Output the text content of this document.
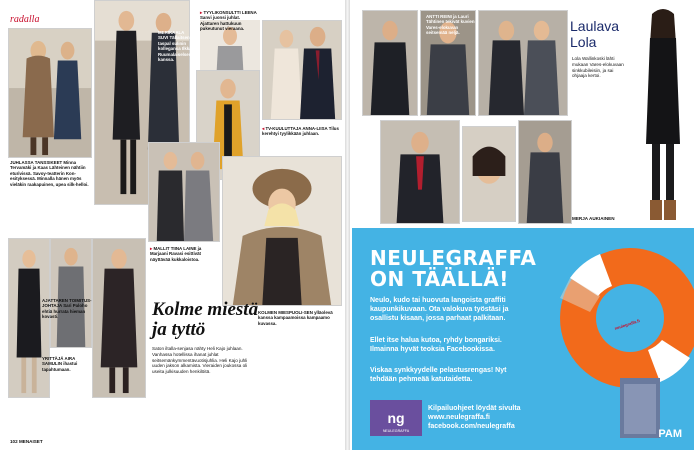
radalla
JUHLASSA TANSSIKEET Minna Tervamäki ja Kaas Lähteinen nähtiin eturivissä. Savoy-teatterin Kon-esityksessä. Minnalla hänen myös vieläkin raakapuinen, upea silk-helloi.
MERIKAALA SUVI Tällaitsen taspal sulinin kollegansa Ilkka Ruumalaiselsen kanssa.
▸ TYYLIKONSULTTI LEENA Sanvi juonsi juhlat. Ajattaren hattukuun pukeutunut vieraana.
◂ TV-KUULUTTAJA ANNA-LIISA Tilus kerehtyi tyylikkään juhlaan.
▸ MALLIT TIINA LAINE ja Marjaani Ravasi esittivät näyttävää kukkaloistoa.
KOLMEN MIESPUOLI-SEN ylläolevä kanssa kampaamoissa kampaamo kuvassa.
AJATTAREN TOIMITUS-JOHTAJA Sari Paloho ehtiä hurrata hieman kovasti.
YRITTÄJÄ AIRA SAMULIN ihastui tapahtumaan.
Kolme miestä
ja tyttö
Saton iltalla-senjasa nähty Heli Kajo juhlaan. Vanhassa hotellissa ihanat juhlat seitsemänkymmentävuotisjuhlia. Heli Kajo juhli uuden jakson alkamista. Vieraiden joukossa oli useita julkisuuden henkilöitä.
102 MENAISET
ANTTI REINI ja Lauri Tähtinen tekivät kuvien Vares-elokuvan seitsemää neljä.	Laulava
Lola
Lola Wallinkoski lähti mukaan Vares-elokuvaan sinkkubileisiin, ja sai ohjaaja kertoi.
MERJA AUKIAINEN
neulegraffa.fi
NEULEGRAFFA
ON TÄÄLLÄ!
Neulo, kudo tai huovuta langoista graffiti kaupunkikuvaan. Ota valokuva työstäsi ja osallistu kisaan, jossa parhaat palkitaan.
Ellet itse halua kutoa, ryhdy bongariksi. Ilmainna hyvät teoksia Facebookissa.
Viskaa synkkyydelle pelastusrengas! Nyt tehdään pehmeää katutaidetta.
ng
NEULEGRAFFA
Kilpailuohjeet löydät sivulta
www.neulegraffa.fi
facebook.com/neulegraffa
PAM
